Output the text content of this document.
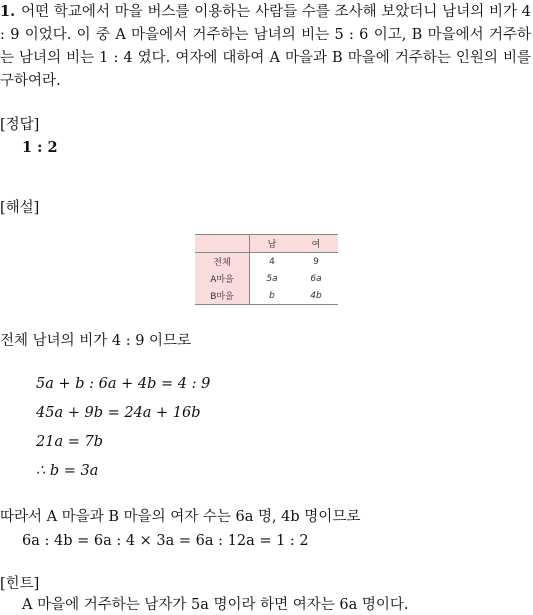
1. 어떤 학교에서 마을 버스를 이용하는 사람들 수를 조사해 보았더니 남녀의 비가 4 : 9 이었다. 이 중 A 마을에서 거주하는 남녀의 비는 5 : 6 이고, B 마을에서 거주하는 남녀의 비는 1 : 4 였다. 여자에 대하여 A 마을과 B 마을에 거주하는 인원의 비를 구하여라.
[정답]
1 : 2
[해설]
	남	여
전체	4	9
A마을	5a	6a
B마을	b	4b
전체 남녀의 비가 4 : 9 이므로
5a + b : 6a + 4b = 4 : 9
45a + 9b = 24a + 16b
21a = 7b
∴ b = 3a
따라서 A 마을과 B 마을의 여자 수는 6a 명, 4b 명이므로
6a : 4b = 6a : 4 × 3a = 6a : 12a = 1 : 2
[힌트]
A 마을에 거주하는 남자가 5a 명이라 하면 여자는 6a 명이다.
